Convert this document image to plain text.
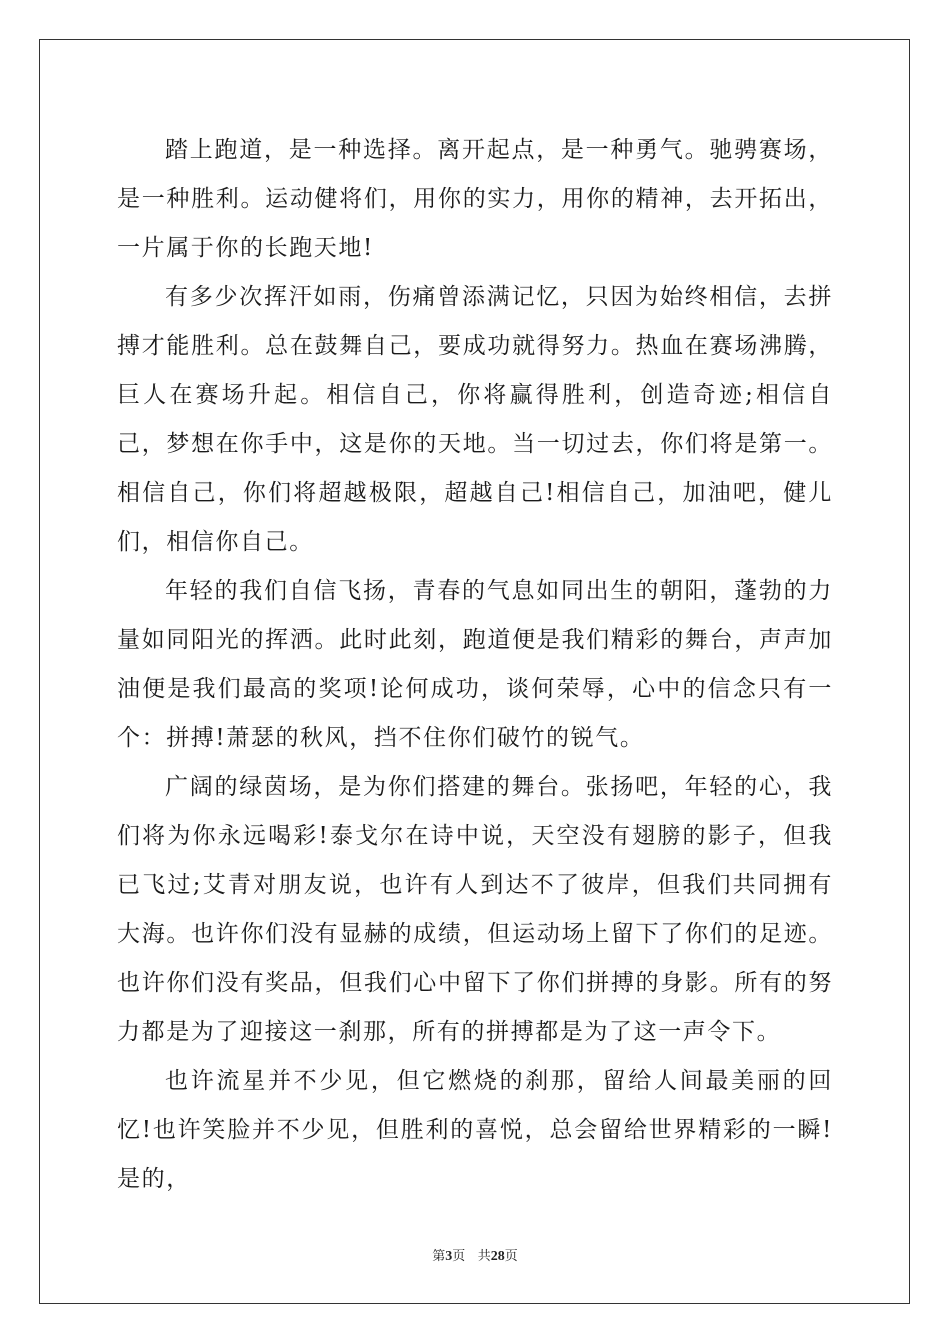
踏上跑道，是一种选择。离开起点，是一种勇气。驰骋赛场，是一种胜利。运动健将们，用你的实力，用你的精神，去开拓出，一片属于你的长跑天地!

有多少次挥汗如雨，伤痛曾添满记忆，只因为始终相信，去拼搏才能胜利。总在鼓舞自己，要成功就得努力。热血在赛场沸腾，巨人在赛场升起。相信自己，你将赢得胜利，创造奇迹;相信自己，梦想在你手中，这是你的天地。当一切过去，你们将是第一。相信自己，你们将超越极限，超越自己!相信自己，加油吧，健儿们，相信你自己。

年轻的我们自信飞扬，青春的气息如同出生的朝阳，蓬勃的力量如同阳光的挥洒。此时此刻，跑道便是我们精彩的舞台，声声加油便是我们最高的奖项!论何成功，谈何荣辱，心中的信念只有一个：拼搏!萧瑟的秋风，挡不住你们破竹的锐气。

广阔的绿茵场，是为你们搭建的舞台。张扬吧，年轻的心，我们将为你永远喝彩!泰戈尔在诗中说，天空没有翅膀的影子，但我已飞过;艾青对朋友说，也许有人到达不了彼岸，但我们共同拥有大海。也许你们没有显赫的成绩，但运动场上留下了你们的足迹。也许你们没有奖品，但我们心中留下了你们拼搏的身影。所有的努力都是为了迎接这一刹那，所有的拼搏都是为了这一声令下。

也许流星并不少见，但它燃烧的刹那，留给人间最美丽的回忆!也许笑脸并不少见，但胜利的喜悦，总会留给世界精彩的一瞬!是的，

第3页 共28页
